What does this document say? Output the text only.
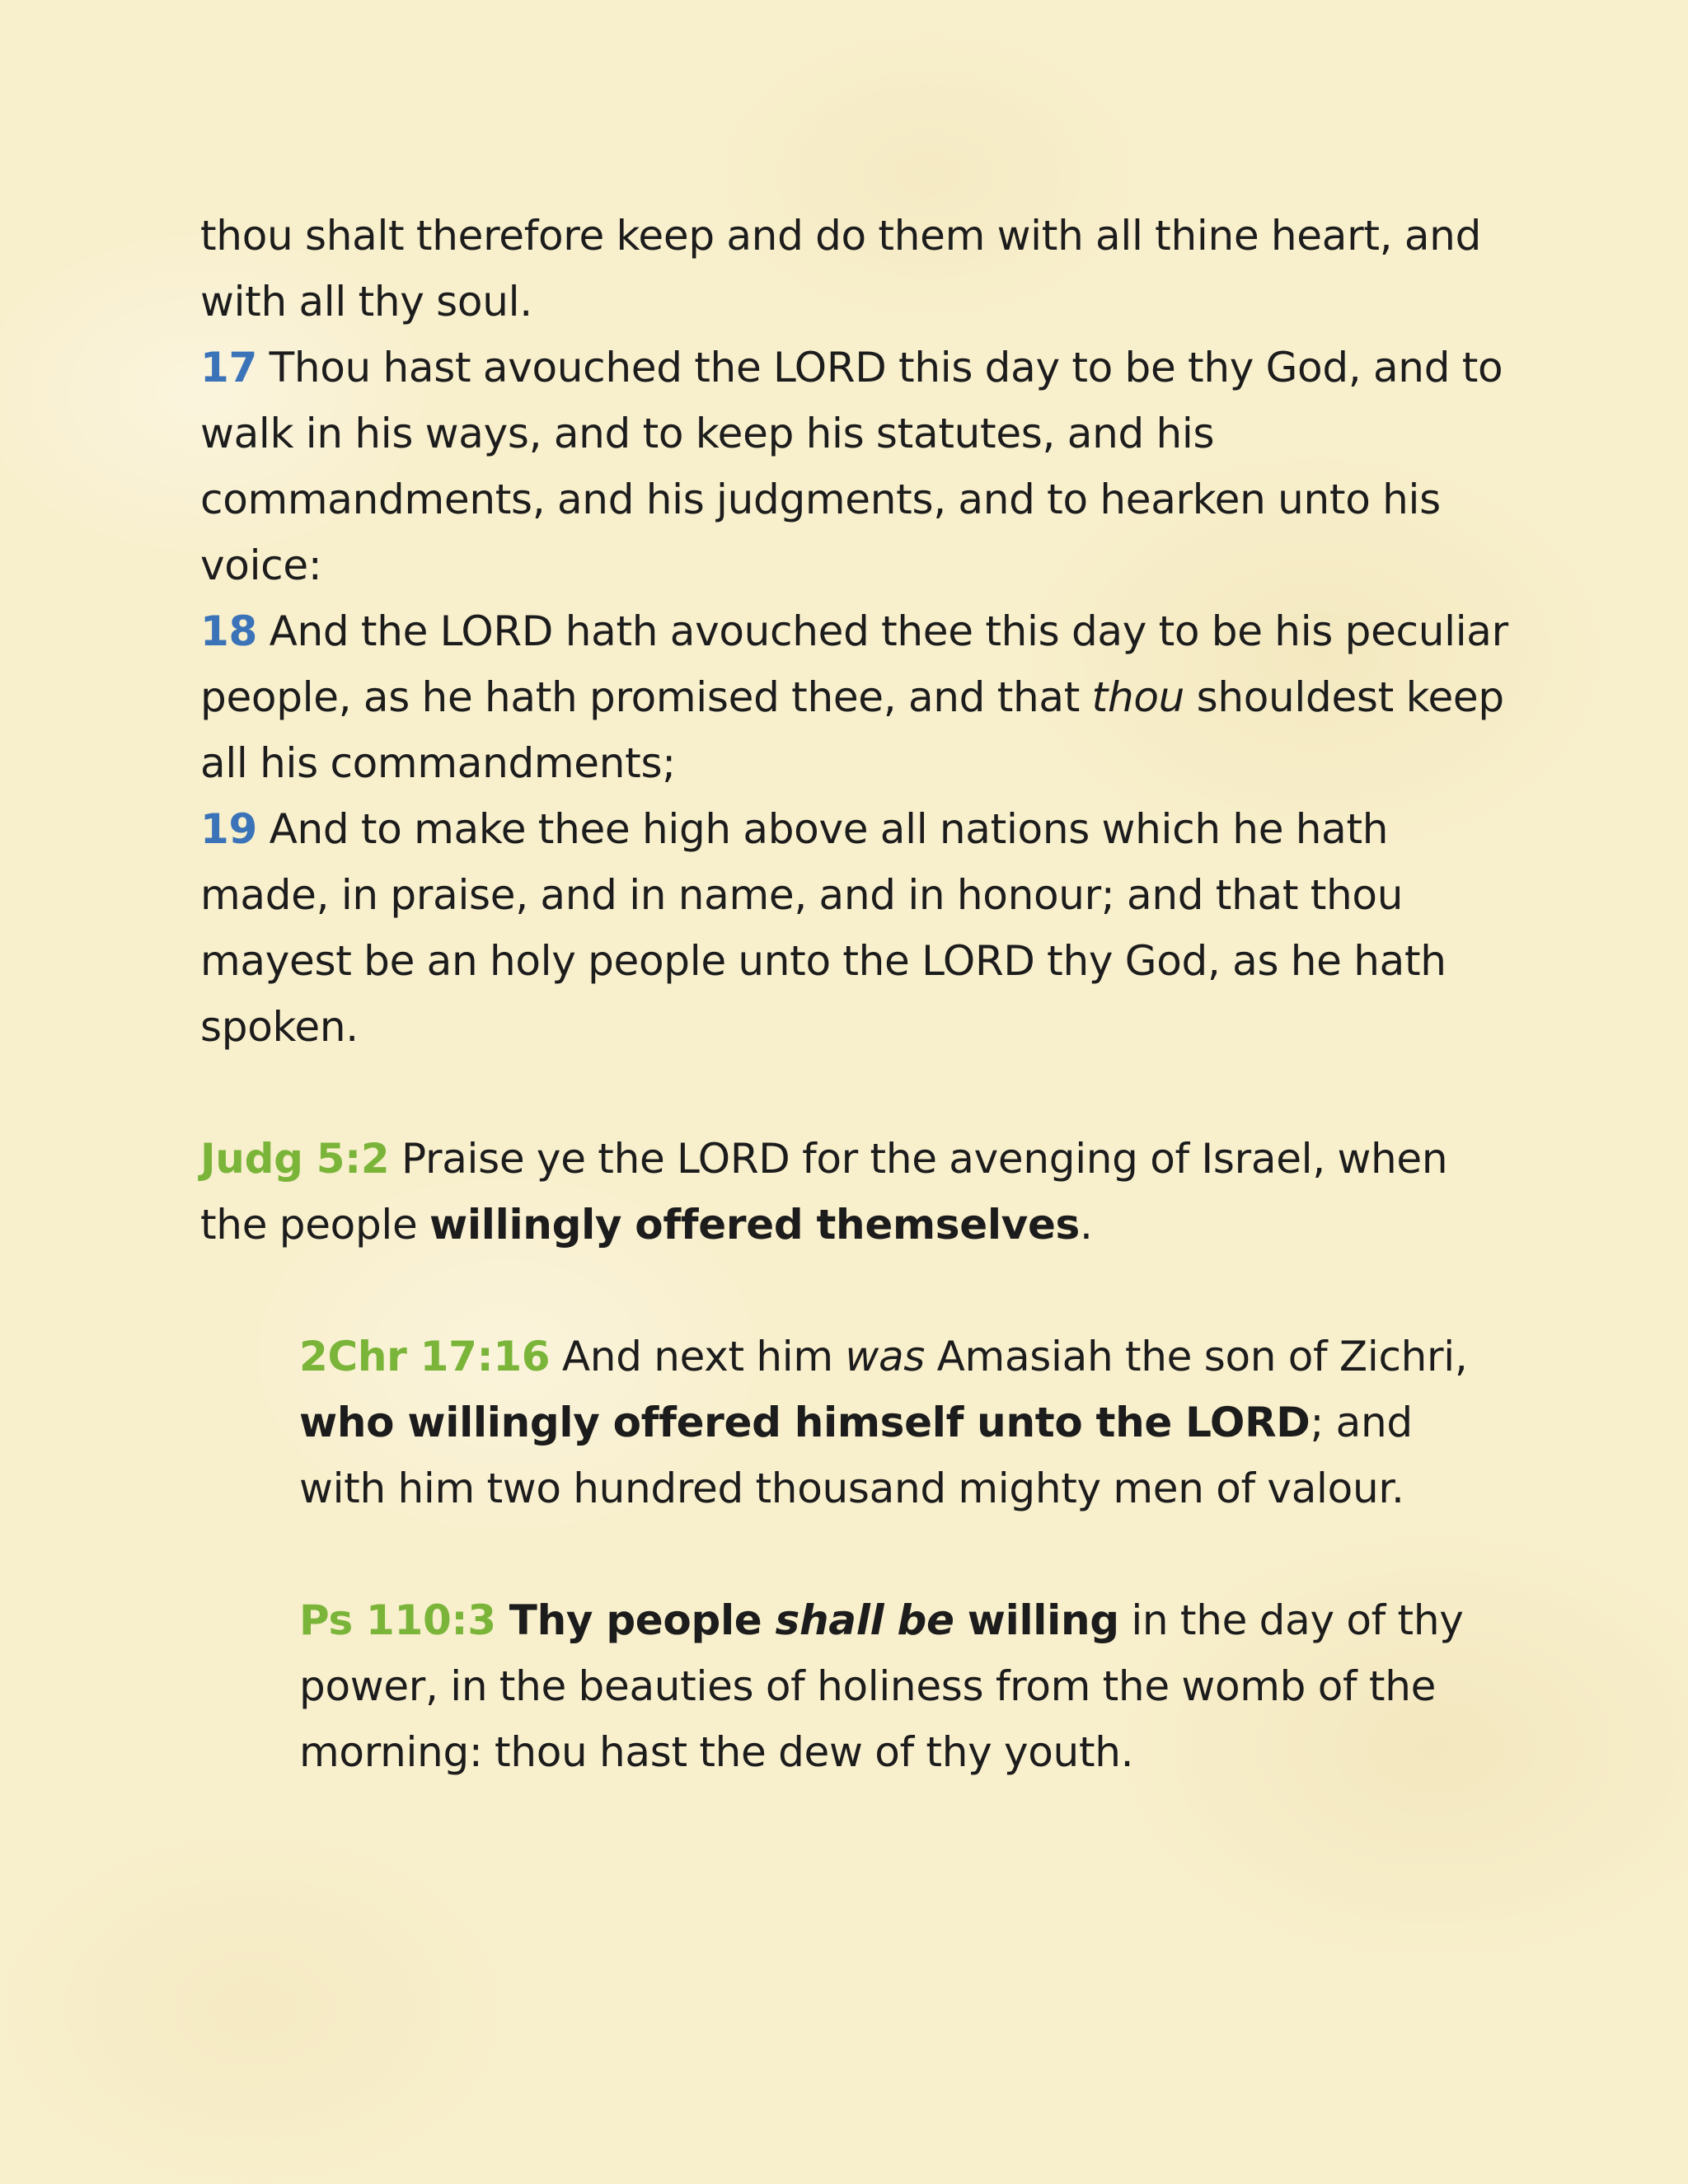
thou shalt therefore keep and do them with all thine heart, and with all thy soul.

17 Thou hast avouched the LORD this day to be thy God, and to walk in his ways, and to keep his statutes, and his commandments, and his judgments, and to hearken unto his voice:

18 And the LORD hath avouched thee this day to be his peculiar people, as he hath promised thee, and that thou shouldest keep all his commandments;

19 And to make thee high above all nations which he hath made, in praise, and in name, and in honour; and that thou mayest be an holy people unto the LORD thy God, as he hath spoken.

Judg 5:2 Praise ye the LORD for the avenging of Israel, when the people willingly offered themselves.

2Chr 17:16 And next him was Amasiah the son of Zichri, who willingly offered himself unto the LORD; and with him two hundred thousand mighty men of valour.

Ps 110:3 Thy people shall be willing in the day of thy power, in the beauties of holiness from the womb of the morning: thou hast the dew of thy youth.
